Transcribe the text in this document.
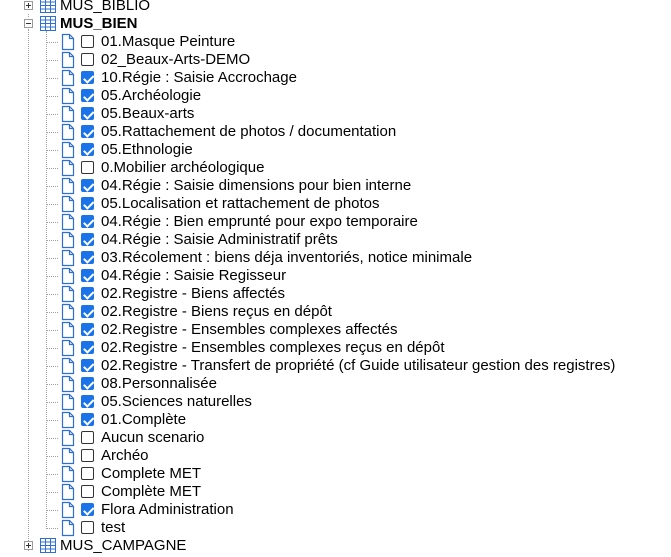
MUS_BIBLIO
MUS_BIEN
01.Masque Peinture
02_Beaux-Arts-DEMO
10.Régie : Saisie Accrochage
05.Archéologie
05.Beaux-arts
05.Rattachement de photos / documentation
05.Ethnologie
0.Mobilier archéologique
04.Régie : Saisie dimensions pour bien interne
05.Localisation et rattachement de photos
04.Régie : Bien emprunté pour expo temporaire
04.Régie : Saisie Administratif prêts
03.Récolement : biens déja inventoriés, notice minimale
04.Régie : Saisie Regisseur
02.Registre - Biens affectés
02.Registre - Biens reçus en dépôt
02.Registre - Ensembles complexes affectés
02.Registre - Ensembles complexes reçus en dépôt
02.Registre - Transfert de propriété (cf Guide utilisateur gestion des registres)
08.Personnalisée
05.Sciences naturelles
01.Complète
Aucun scenario
Archéo
Complete MET
Complète MET
Flora Administration
test
MUS_CAMPAGNE
